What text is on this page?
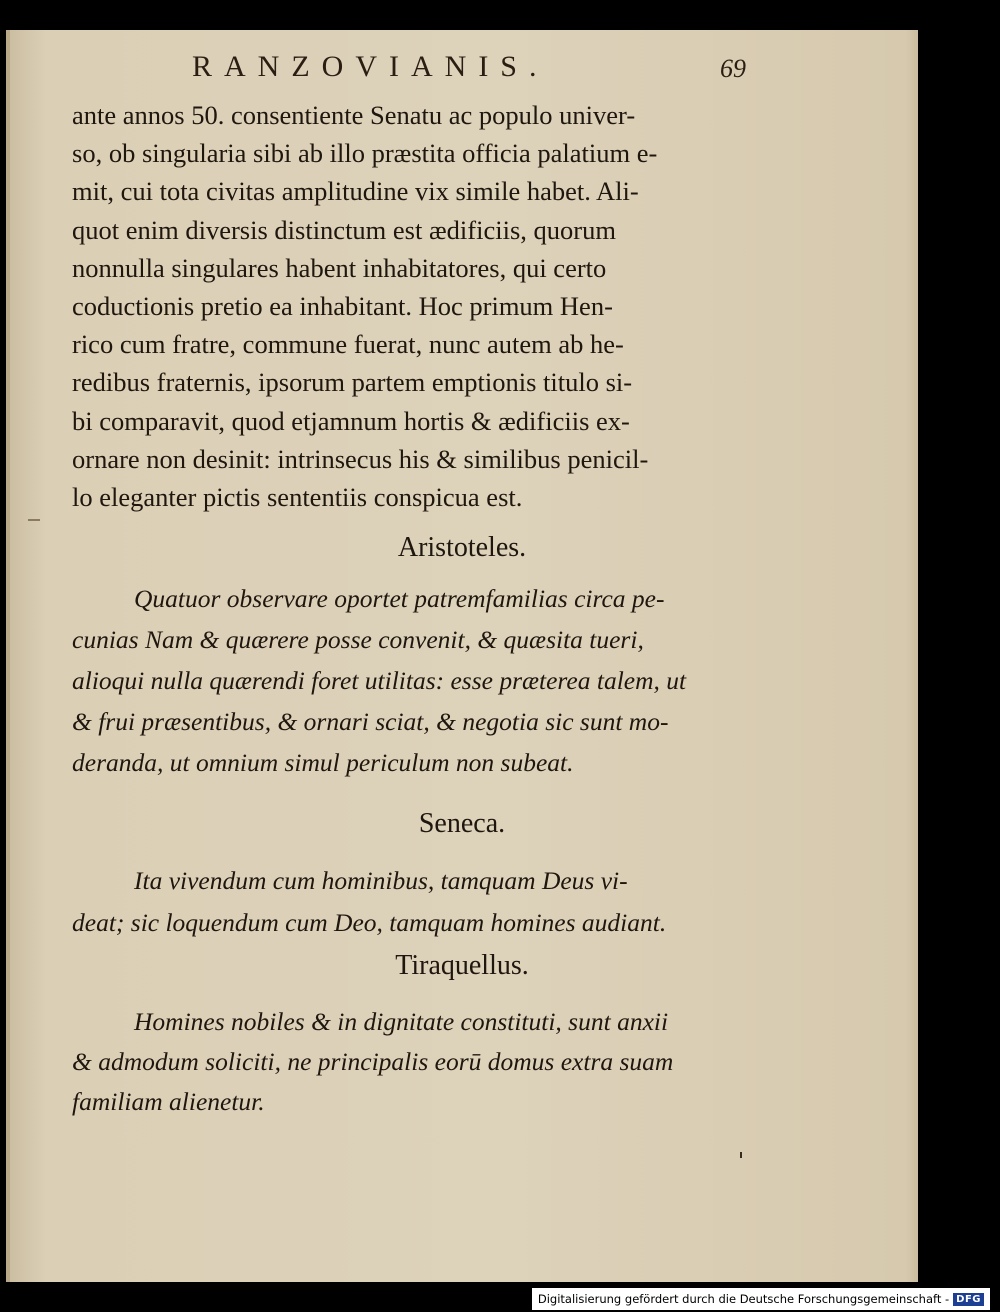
RANZOVIANIS.	69

ante annos 50. consentiente Senatu ac populo univer-
so, ob singularia sibi ab illo præstita officia palatium e-
mit, cui tota civitas amplitudine vix simile habet. Ali-
quot enim diversis distinctum est ædificiis, quorum
nonnulla singulares habent inhabitatores, qui certo
coductionis pretio ea inhabitant. Hoc primum Hen-
rico cum fratre, commune fuerat, nunc autem ab he-
redibus fraternis, ipsorum partem emptionis titulo si-
bi comparavit, quod etjamnum hortis & ædificiis ex-
ornare non desinit: intrinsecus his & similibus penicil-
lo eleganter pictis sententiis conspicua est.

Aristoteles.

Quatuor observare oportet patremfamilias circa pe-
cunias Nam & quærere posse convenit, & quæsita tueri,
alioqui nulla quærendi foret utilitas: esse præterea talem, ut
& frui præsentibus, & ornari sciat, & negotia sic sunt mo-
deranda, ut omnium simul periculum non subeat.

Seneca.

Ita vivendum cum hominibus, tamquam Deus vi-
deat; sic loquendum cum Deo, tamquam homines audiant.

Tiraquellus.

Homines nobiles & in dignitate constituti, sunt anxii
& admodum soliciti, ne principalis eorū domus extra suam
familiam alienetur.

Digitalisierung gefördert durch die Deutsche Forschungsgemeinschaft - DFG
